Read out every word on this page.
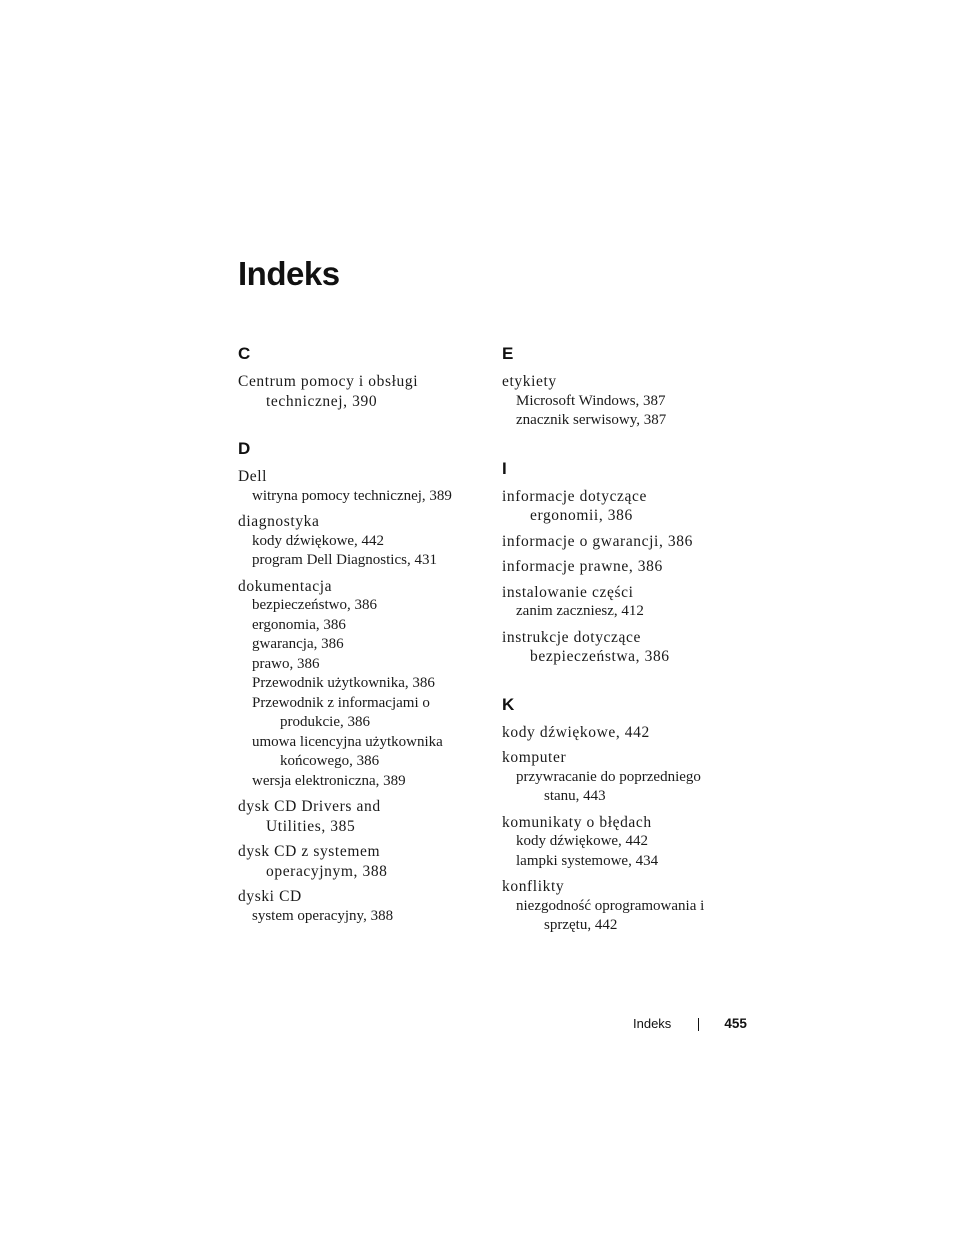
Indeks
C
Centrum pomocy i obsługi
technicznej, 390
D
Dell
witryna pomocy technicznej, 389
diagnostyka
kody dźwiękowe, 442
program Dell Diagnostics, 431
dokumentacja
bezpieczeństwo, 386
ergonomia, 386
gwarancja, 386
prawo, 386
Przewodnik użytkownika, 386
Przewodnik z informacjami o
produkcie, 386
umowa licencyjna użytkownika
końcowego, 386
wersja elektroniczna, 389
dysk CD Drivers and
Utilities, 385
dysk CD z systemem
operacyjnym, 388
dyski CD
system operacyjny, 388
E
etykiety
Microsoft Windows, 387
znacznik serwisowy, 387
I
informacje dotyczące
ergonomii, 386
informacje o gwarancji, 386
informacje prawne, 386
instalowanie części
zanim zaczniesz, 412
instrukcje dotyczące
bezpieczeństwa, 386
K
kody dźwiękowe, 442
komputer
przywracanie do poprzedniego
stanu, 443
komunikaty o błędach
kody dźwiękowe, 442
lampki systemowe, 434
konflikty
niezgodność oprogramowania i
sprzętu, 442
Indeks	455
